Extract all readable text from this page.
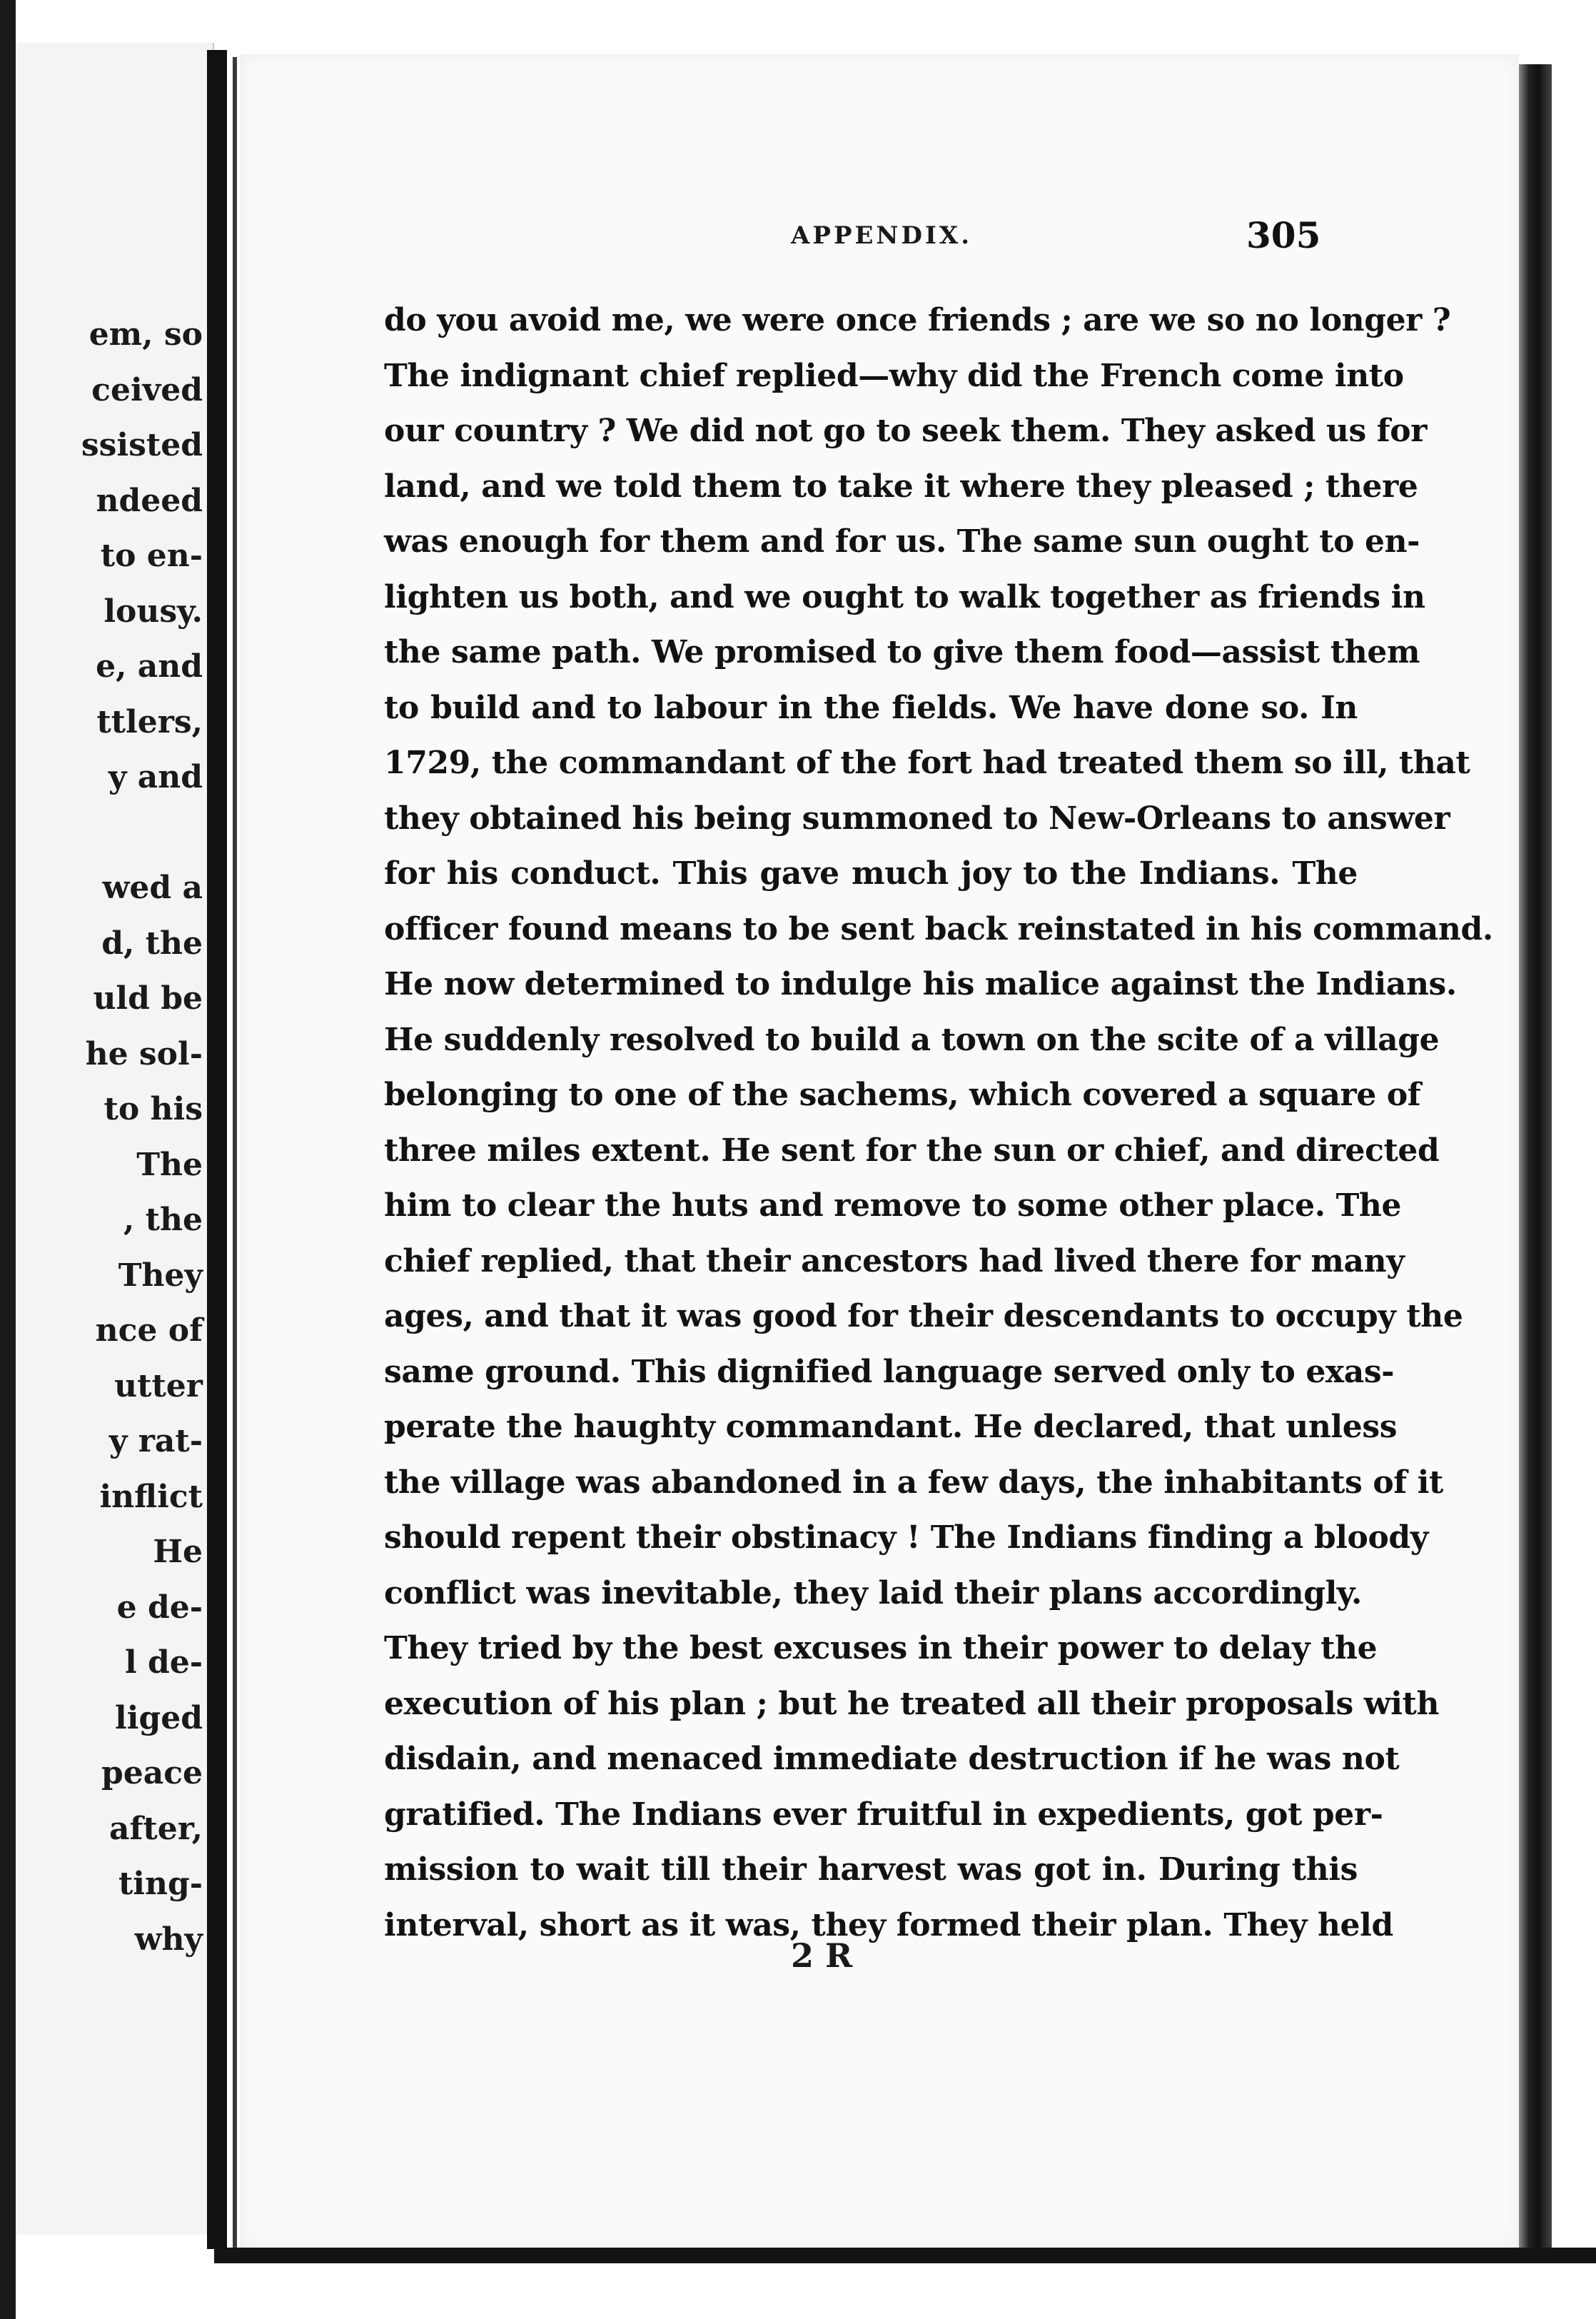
em, so
ceived
ssisted
ndeed
to en-
lousy.
e, and
ttlers,
y and
wed a
d, the
uld be
he sol-
to his
The
, the
They
nce of
utter
y rat-
inflict
He
e de-
l de-
liged
peace
after,
ting-
why
APPENDIX.	305
do you avoid me, we were once friends ; are we so no longer ?
The indignant chief replied—why did the French come into
our country ? We did not go to seek them. They asked us for
land, and we told them to take it where they pleased ; there
was enough for them and for us. The same sun ought to en-
lighten us both, and we ought to walk together as friends in
the same path. We promised to give them food—assist them
to build and to labour in the fields. We have done so. In
1729, the commandant of the fort had treated them so ill, that
they obtained his being summoned to New-Orleans to answer
for his conduct. This gave much joy to the Indians. The
officer found means to be sent back reinstated in his command.
He now determined to indulge his malice against the Indians.
He suddenly resolved to build a town on the scite of a village
belonging to one of the sachems, which covered a square of
three miles extent. He sent for the sun or chief, and directed
him to clear the huts and remove to some other place. The
chief replied, that their ancestors had lived there for many
ages, and that it was good for their descendants to occupy the
same ground. This dignified language served only to exas-
perate the haughty commandant. He declared, that unless
the village was abandoned in a few days, the inhabitants of it
should repent their obstinacy ! The Indians finding a bloody
conflict was inevitable, they laid their plans accordingly.
They tried by the best excuses in their power to delay the
execution of his plan ; but he treated all their proposals with
disdain, and menaced immediate destruction if he was not
gratified. The Indians ever fruitful in expedients, got per-
mission to wait till their harvest was got in. During this
interval, short as it was, they formed their plan. They held
2 R
